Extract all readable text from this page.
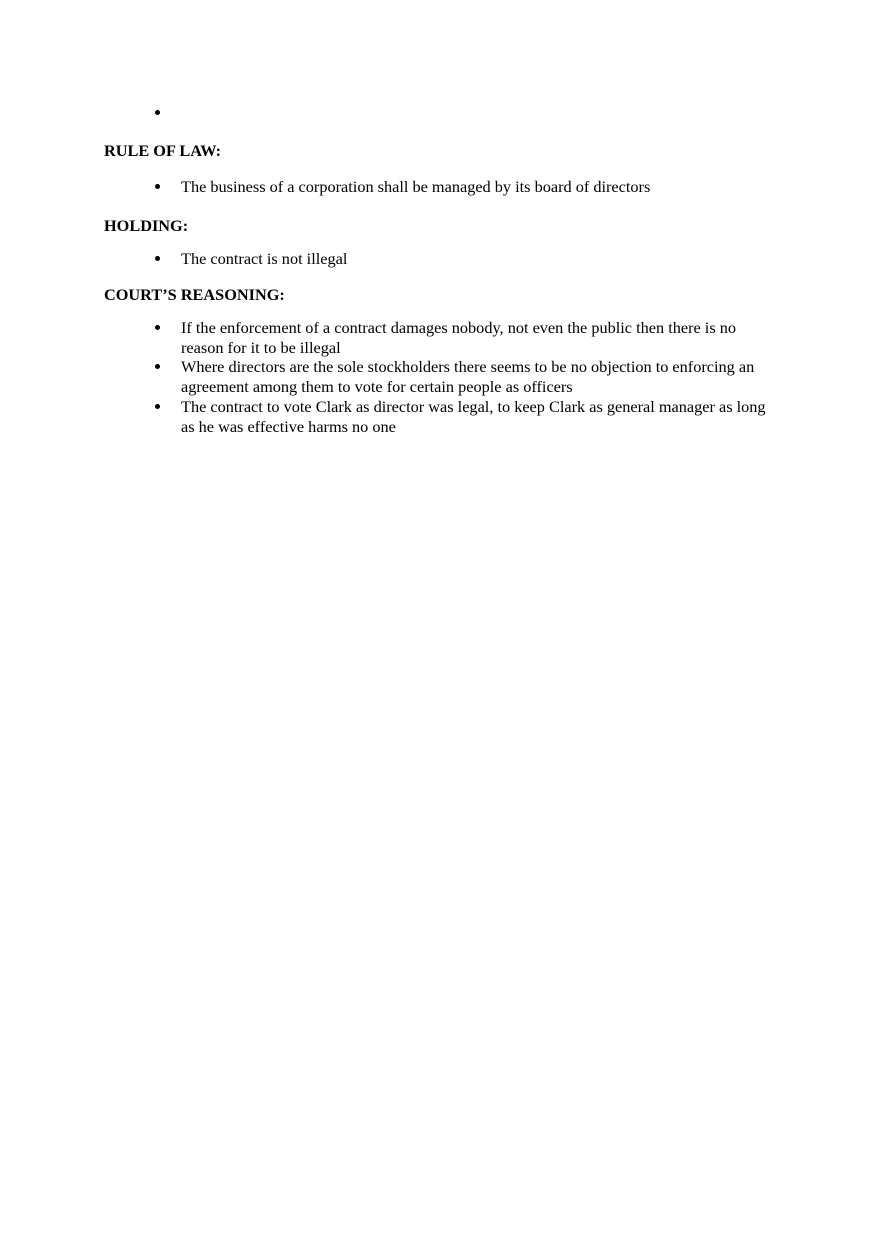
RULE OF LAW:
The business of a corporation shall be managed by its board of directors
HOLDING:
The contract is not illegal
COURT’S REASONING:
If the enforcement of a contract damages nobody, not even the public then there is no reason for it to be illegal
Where directors are the sole stockholders there seems to be no objection to enforcing an agreement among them to vote for certain people as officers
The contract to vote Clark as director was legal, to keep Clark as general manager as long as he was effective harms no one
